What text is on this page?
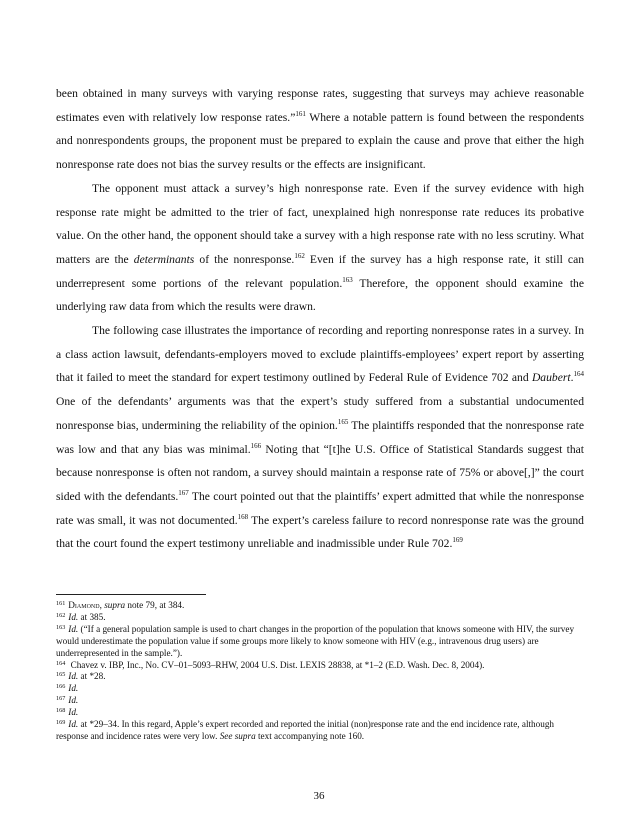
been obtained in many surveys with varying response rates, suggesting that surveys may achieve reasonable estimates even with relatively low response rates.”$^{161}$ Where a notable pattern is found between the respondents and nonrespondents groups, the proponent must be prepared to explain the cause and prove that either the high nonresponse rate does not bias the survey results or the effects are insignificant.

The opponent must attack a survey’s high nonresponse rate. Even if the survey evidence with high response rate might be admitted to the trier of fact, unexplained high nonresponse rate reduces its probative value. On the other hand, the opponent should take a survey with a high response rate with no less scrutiny. What matters are the determinants of the nonresponse.$^{162}$ Even if the survey has a high response rate, it still can underrepresent some portions of the relevant population.$^{163}$ Therefore, the opponent should examine the underlying raw data from which the results were drawn.

The following case illustrates the importance of recording and reporting nonresponse rates in a survey. In a class action lawsuit, defendants-employers moved to exclude plaintiffs-employees’ expert report by asserting that it failed to meet the standard for expert testimony outlined by Federal Rule of Evidence 702 and Daubert.$^{164}$ One of the defendants’ arguments was that the expert’s study suffered from a substantial undocumented nonresponse bias, undermining the reliability of the opinion.$^{165}$ The plaintiffs responded that the nonresponse rate was low and that any bias was minimal.$^{166}$ Noting that “[t]he U.S. Office of Statistical Standards suggest that because nonresponse is often not random, a survey should maintain a response rate of 75% or above[,]” the court sided with the defendants.$^{167}$ The court pointed out that the plaintiffs’ expert admitted that while the nonresponse rate was small, it was not documented.$^{168}$ The expert’s careless failure to record nonresponse rate was the ground that the court found the expert testimony unreliable and inadmissible under Rule 702.$^{169}$

$^{161}$ Diamond, supra note 79, at 384.

$^{162}$ Id. at 385.

$^{163}$ Id. (“If a general population sample is used to chart changes in the proportion of the population that knows someone with HIV, the survey would underestimate the population value if some groups more likely to know someone with HIV (e.g., intravenous drug users) are underrepresented in the sample.”).

$^{164}$ Chavez v. IBP, Inc., No. CV–01–5093–RHW, 2004 U.S. Dist. LEXIS 28838, at *1–2 (E.D. Wash. Dec. 8, 2004).

$^{165}$ Id. at *28.

$^{166}$ Id.

$^{167}$ Id.

$^{168}$ Id.

$^{169}$ Id. at *29–34. In this regard, Apple’s expert recorded and reported the initial (non)response rate and the end incidence rate, although response and incidence rates were very low. See supra text accompanying note 160.

36
